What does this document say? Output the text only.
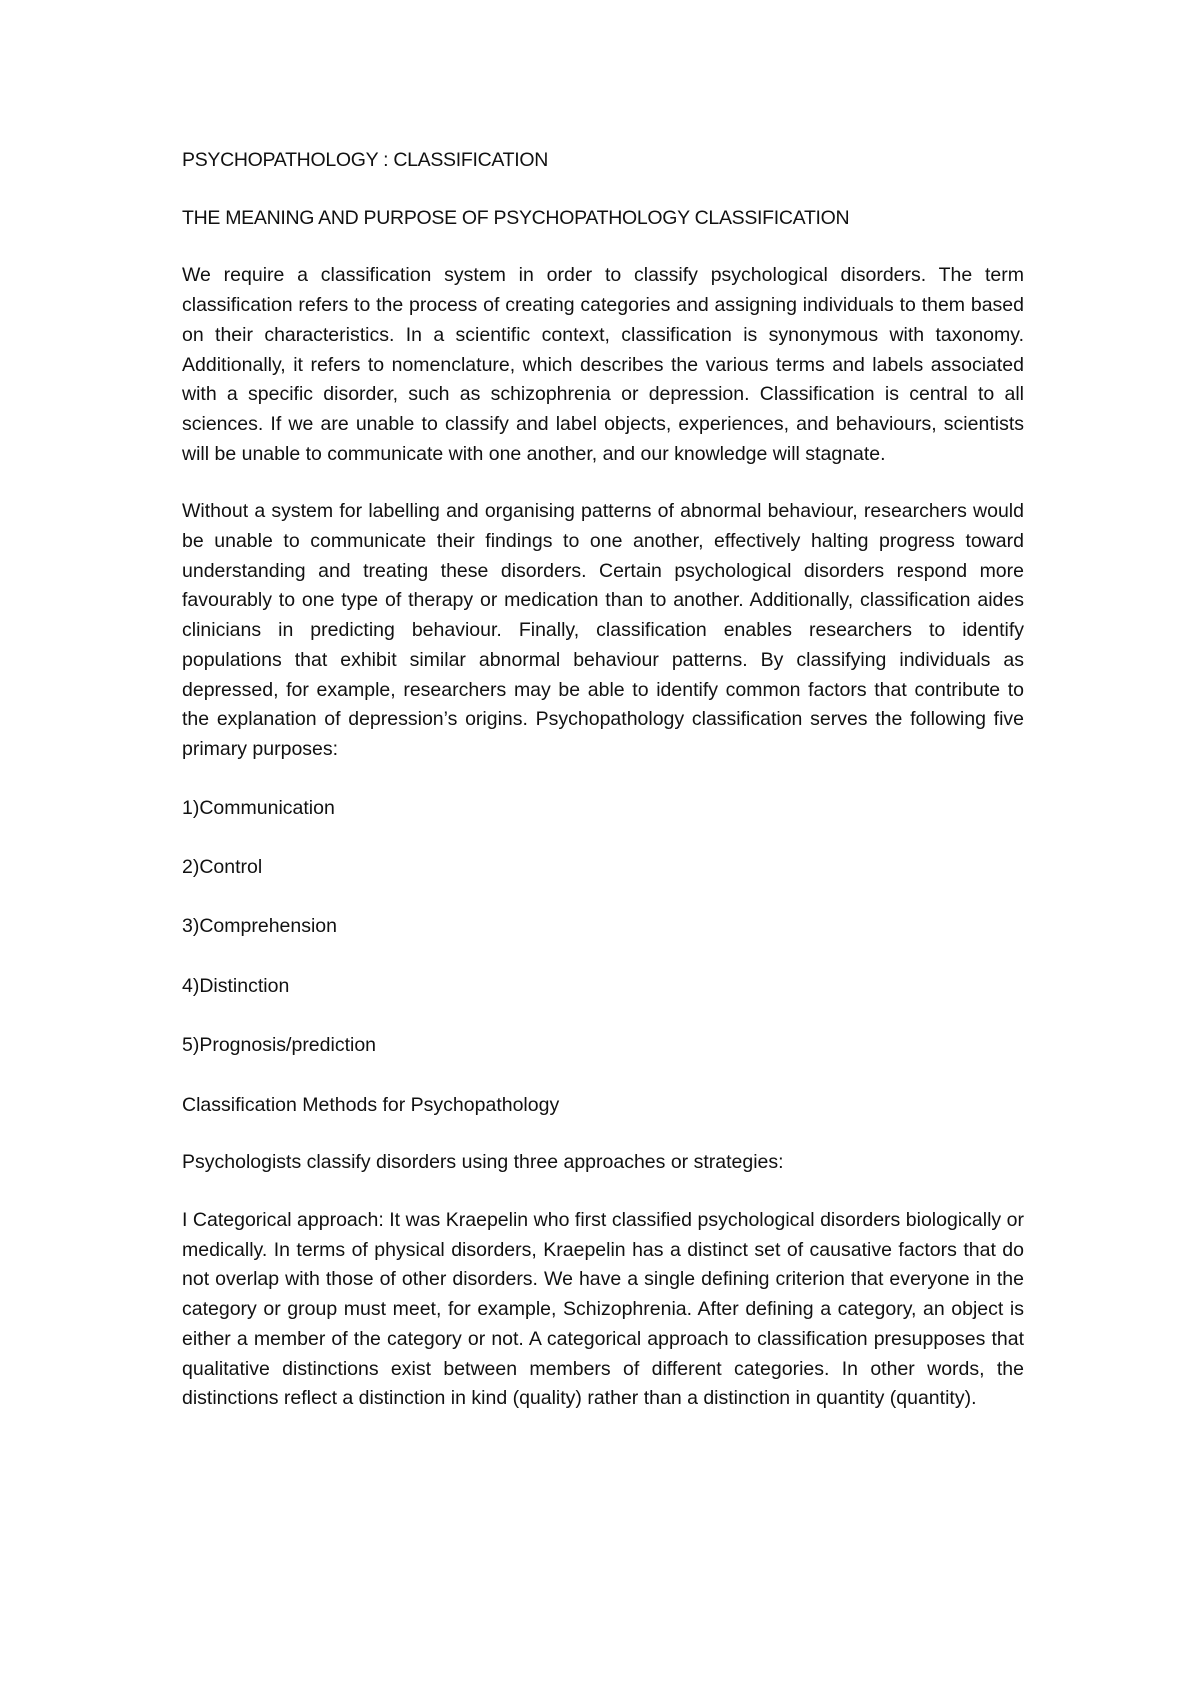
PSYCHOPATHOLOGY : CLASSIFICATION
THE MEANING AND PURPOSE OF PSYCHOPATHOLOGY CLASSIFICATION

We require a classification system in order to classify psychological disorders. The term classification refers to the process of creating categories and assigning individuals to them based on their characteristics. In a scientific context, classification is synonymous with taxonomy. Additionally, it refers to nomenclature, which describes the various terms and labels associated with a specific disorder, such as schizophrenia or depression. Classification is central to all sciences. If we are unable to classify and label objects, experiences, and behaviours, scientists will be unable to communicate with one another, and our knowledge will stagnate.

Without a system for labelling and organising patterns of abnormal behaviour, researchers would be unable to communicate their findings to one another, effectively halting progress toward understanding and treating these disorders. Certain psychological disorders respond more favourably to one type of therapy or medication than to another. Additionally, classification aides clinicians in predicting behaviour. Finally, classification enables researchers to identify populations that exhibit similar abnormal behaviour patterns. By classifying individuals as depressed, for example, researchers may be able to identify common factors that contribute to the explanation of depression’s origins. Psychopathology classification serves the following five primary purposes:

1)Communication
2)Control
3)Comprehension
4)Distinction
5)Prognosis/prediction
Classification Methods for Psychopathology

Psychologists classify disorders using three approaches or strategies:

I Categorical approach: It was Kraepelin who first classified psychological disorders biologically or medically. In terms of physical disorders, Kraepelin has a distinct set of causative factors that do not overlap with those of other disorders. We have a single defining criterion that everyone in the category or group must meet, for example, Schizophrenia. After defining a category, an object is either a member of the category or not. A categorical approach to classification presupposes that qualitative distinctions exist between members of different categories. In other words, the distinctions reflect a distinction in kind (quality) rather than a distinction in quantity (quantity).
